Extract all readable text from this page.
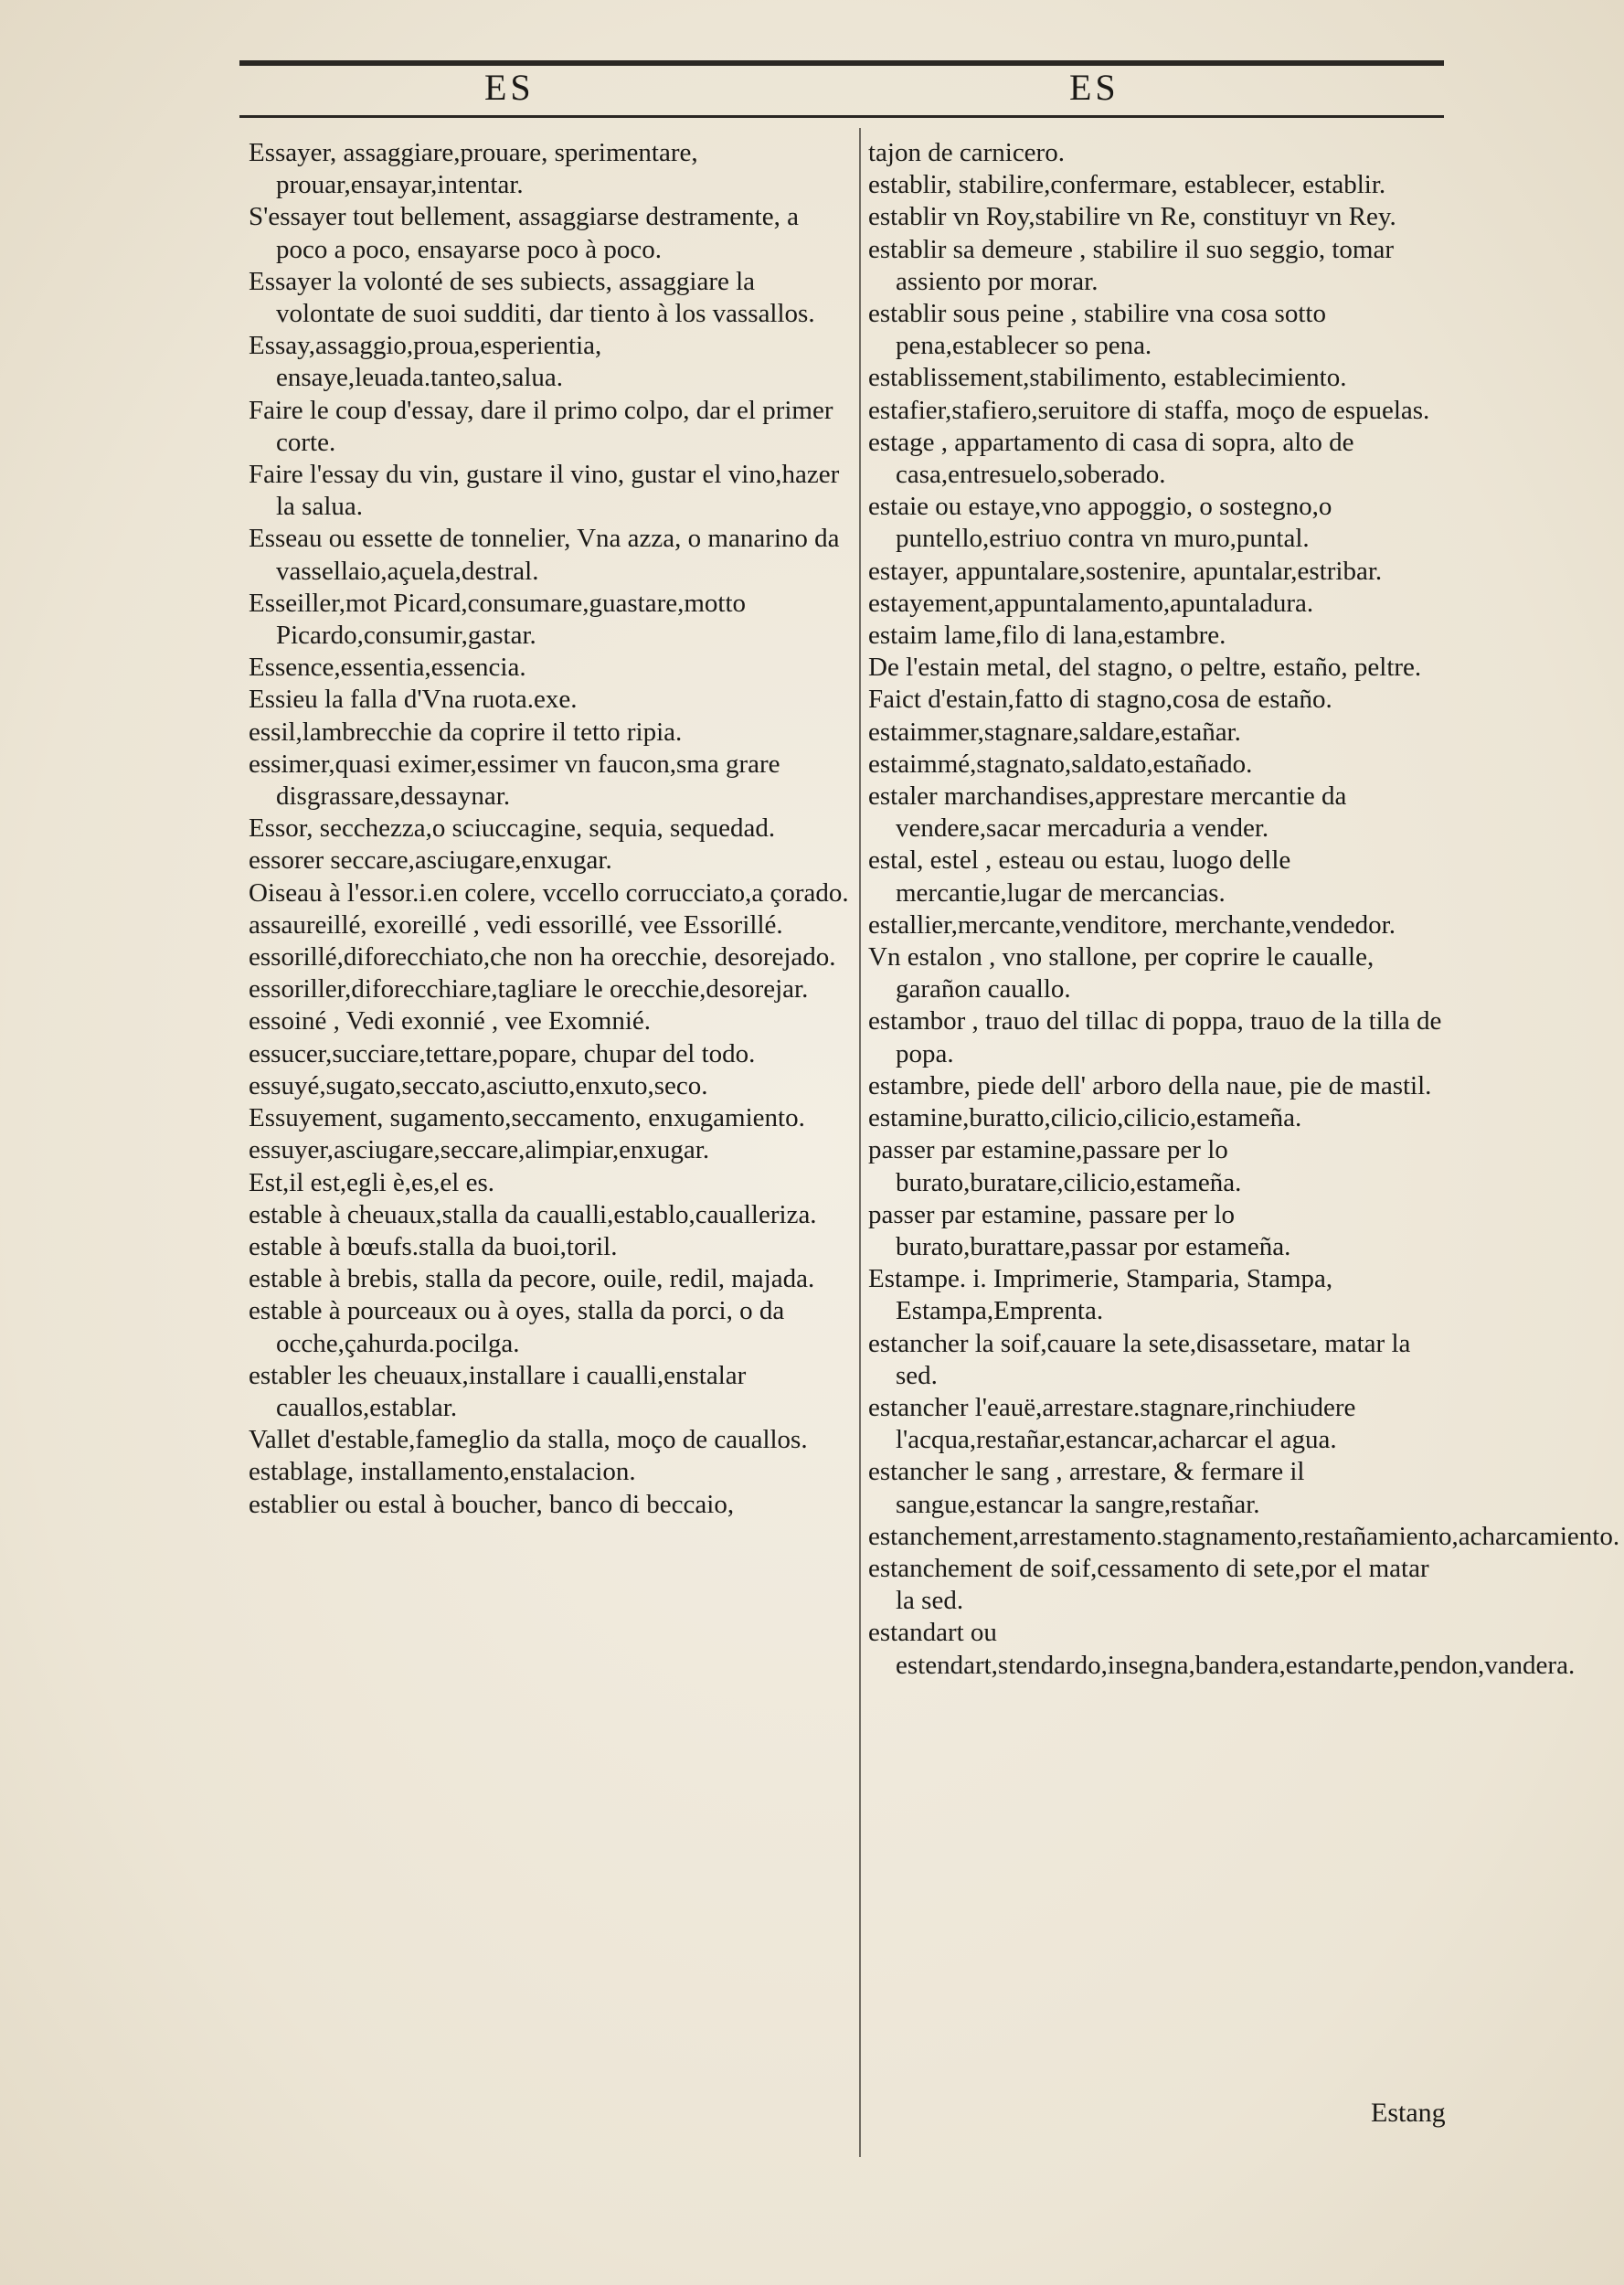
ES	ES

Essayer, assaggiare,prouare, sperimentare, prouar,ensayar,intentar.

S'essayer tout bellement, assaggiarse destramente, a poco a poco, ensayarse poco à poco.

Essayer la volonté de ses subiects, assaggiare la volontate de suoi sudditi, dar tiento à los vassallos.

Essay,assaggio,proua,esperientia, ensaye,leuada.tanteo,salua.

Faire le coup d'essay, dare il primo colpo, dar el primer corte.

Faire l'essay du vin, gustare il vino, gustar el vino,hazer la salua.

Esseau ou essette de tonnelier, Vna azza, o manarino da vassellaio,açuela,destral.

Esseiller,mot Picard,consumare,guastare,motto Picardo,consumir,gastar.

Essence,essentia,essencia.

Essieu la falla d'Vna ruota.exe.

essil,lambrecchie da coprire il tetto ripia.

essimer,quasi eximer,essimer vn faucon,sma grare disgrassare,dessaynar.

Essor, secchezza,o sciuccagine, sequia, sequedad.

essorer seccare,asciugare,enxugar.

Oiseau à l'essor.i.en colere, vccello corrucciato,a çorado.

assaureillé, exoreillé , vedi essorillé, vee Essorillé.

essorillé,diforecchiato,che non ha orecchie, desorejado.

essoriller,diforecchiare,tagliare le orecchie,desorejar.

essoiné , Vedi exonnié , vee Exomnié.

essucer,succiare,tettare,popare, chupar del todo.

essuyé,sugato,seccato,asciutto,enxuto,seco.

Essuyement, sugamento,seccamento, enxugamiento.

essuyer,asciugare,seccare,alimpiar,enxugar.

Est,il est,egli è,es,el es.

estable à cheuaux,stalla da caualli,establo,caualleriza.

estable à bœufs.stalla da buoi,toril.

estable à brebis, stalla da pecore, ouile, redil, majada.

estable à pourceaux ou à oyes, stalla da porci, o da ocche,çahurda.pocilga.

establer les cheuaux,installare i caualli,enstalar cauallos,establar.

Vallet d'estable,fameglio da stalla, moço de cauallos.

establage, installamento,enstalacion.

establier ou estal à boucher, banco di beccaio,

tajon de carnicero.

establir, stabilire,confermare, establecer, establir.

establir vn Roy,stabilire vn Re, constituyr vn Rey.

establir sa demeure , stabilire il suo seggio, tomar assiento por morar.

establir sous peine , stabilire vna cosa sotto pena,establecer so pena.

establissement,stabilimento, establecimiento.

estafier,stafiero,seruitore di staffa, moço de espuelas.

estage , appartamento di casa di sopra, alto de casa,entresuelo,soberado.

estaie ou estaye,vno appoggio, o sostegno,o puntello,estriuo contra vn muro,puntal.

estayer, appuntalare,sostenire, apuntalar,estribar.

estayement,appuntalamento,apuntaladura.

estaim lame,filo di lana,estambre.

De l'estain metal, del stagno, o peltre, estaño, peltre.

Faict d'estain,fatto di stagno,cosa de estaño.

estaimmer,stagnare,saldare,estañar.

estaimmé,stagnato,saldato,estañado.

estaler marchandises,apprestare mercantie da vendere,sacar mercaduria a vender.

estal, estel , esteau ou estau, luogo delle mercantie,lugar de mercancias.

estallier,mercante,venditore, merchante,vendedor.

Vn estalon , vno stallone, per coprire le caualle, garañon cauallo.

estambor , trauo del tillac di poppa, trauo de la tilla de popa.

estambre, piede dell' arboro della naue, pie de mastil.

estamine,buratto,cilicio,cilicio,estameña.

passer par estamine,passare per lo burato,buratare,cilicio,estameña.

passer par estamine, passare per lo burato,burattare,passar por estameña.

Estampe. i. Imprimerie, Stamparia, Stampa, Estampa,Emprenta.

estancher la soif,cauare la sete,disassetare, matar la sed.

estancher l'eauë,arrestare.stagnare,rinchiudere l'acqua,restañar,estancar,acharcar el agua.

estancher le sang , arrestare, & fermare il sangue,estancar la sangre,restañar.

estanchement,arrestamento.stagnamento,restañamiento,acharcamiento.

estanchement de soif,cessamento di sete,por el matar la sed.

estandart ou estendart,stendardo,insegna,bandera,estandarte,pendon,vandera.

Estang
